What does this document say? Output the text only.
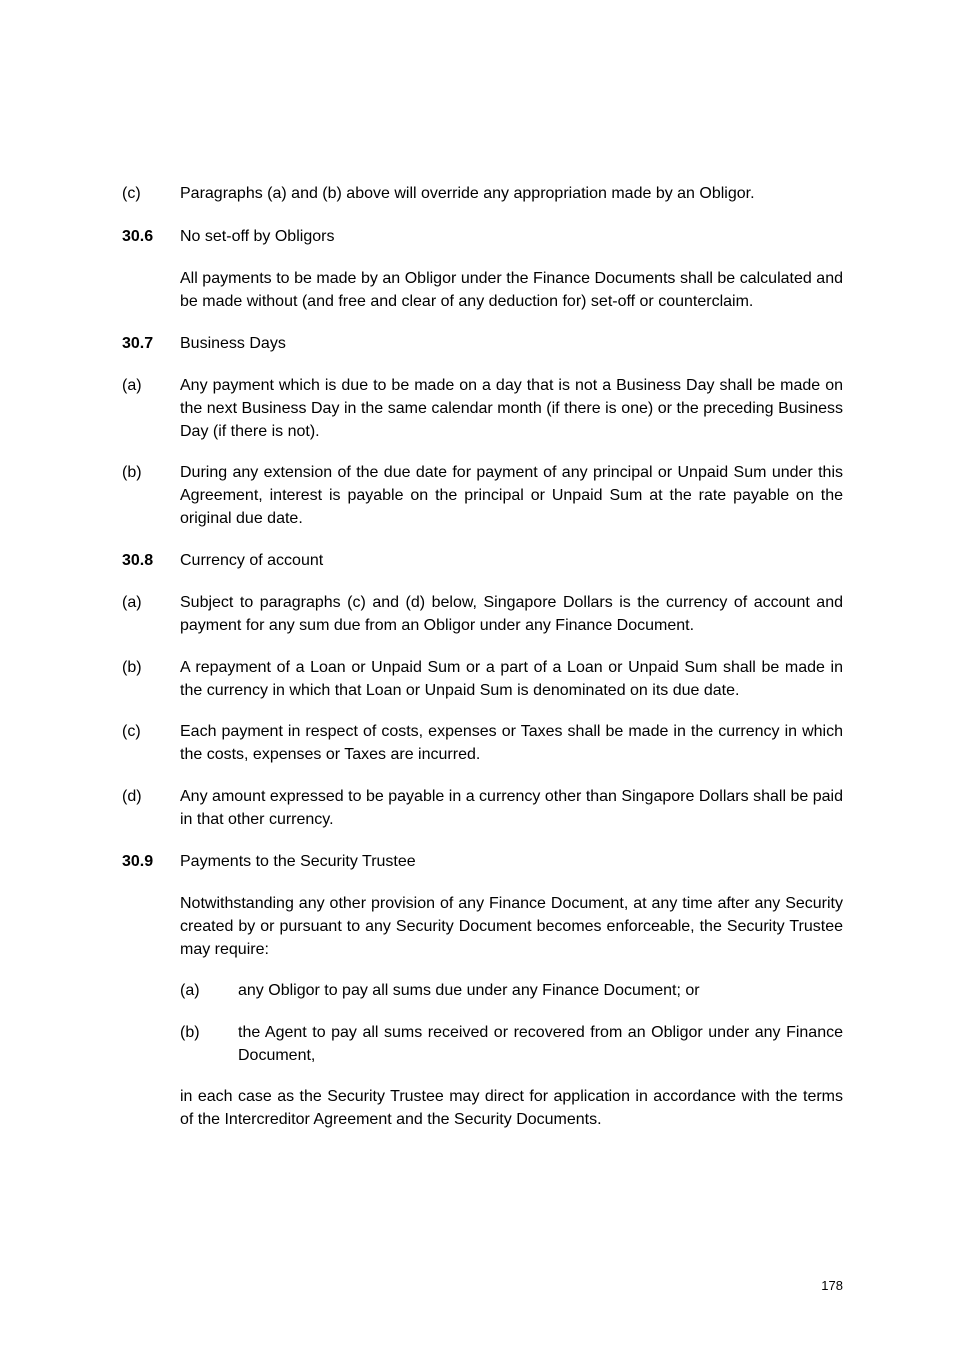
(c)	Paragraphs (a) and (b) above will override any appropriation made by an Obligor.
30.6	No set-off by Obligors
All payments to be made by an Obligor under the Finance Documents shall be calculated and be made without (and free and clear of any deduction for) set-off or counterclaim.
30.7	Business Days
(a)	Any payment which is due to be made on a day that is not a Business Day shall be made on the next Business Day in the same calendar month (if there is one) or the preceding Business Day (if there is not).
(b)	During any extension of the due date for payment of any principal or Unpaid Sum under this Agreement, interest is payable on the principal or Unpaid Sum at the rate payable on the original due date.
30.8	Currency of account
(a)	Subject to paragraphs (c) and (d) below, Singapore Dollars is the currency of account and payment for any sum due from an Obligor under any Finance Document.
(b)	A repayment of a Loan or Unpaid Sum or a part of a Loan or Unpaid Sum shall be made in the currency in which that Loan or Unpaid Sum is denominated on its due date.
(c)	Each payment in respect of costs, expenses or Taxes shall be made in the currency in which the costs, expenses or Taxes are incurred.
(d)	Any amount expressed to be payable in a currency other than Singapore Dollars shall be paid in that other currency.
30.9	Payments to the Security Trustee
Notwithstanding any other provision of any Finance Document, at any time after any Security created by or pursuant to any Security Document becomes enforceable, the Security Trustee may require:
(a)	any Obligor to pay all sums due under any Finance Document; or
(b)	the Agent to pay all sums received or recovered from an Obligor under any Finance Document,
in each case as the Security Trustee may direct for application in accordance with the terms of the Intercreditor Agreement and the Security Documents.
178
